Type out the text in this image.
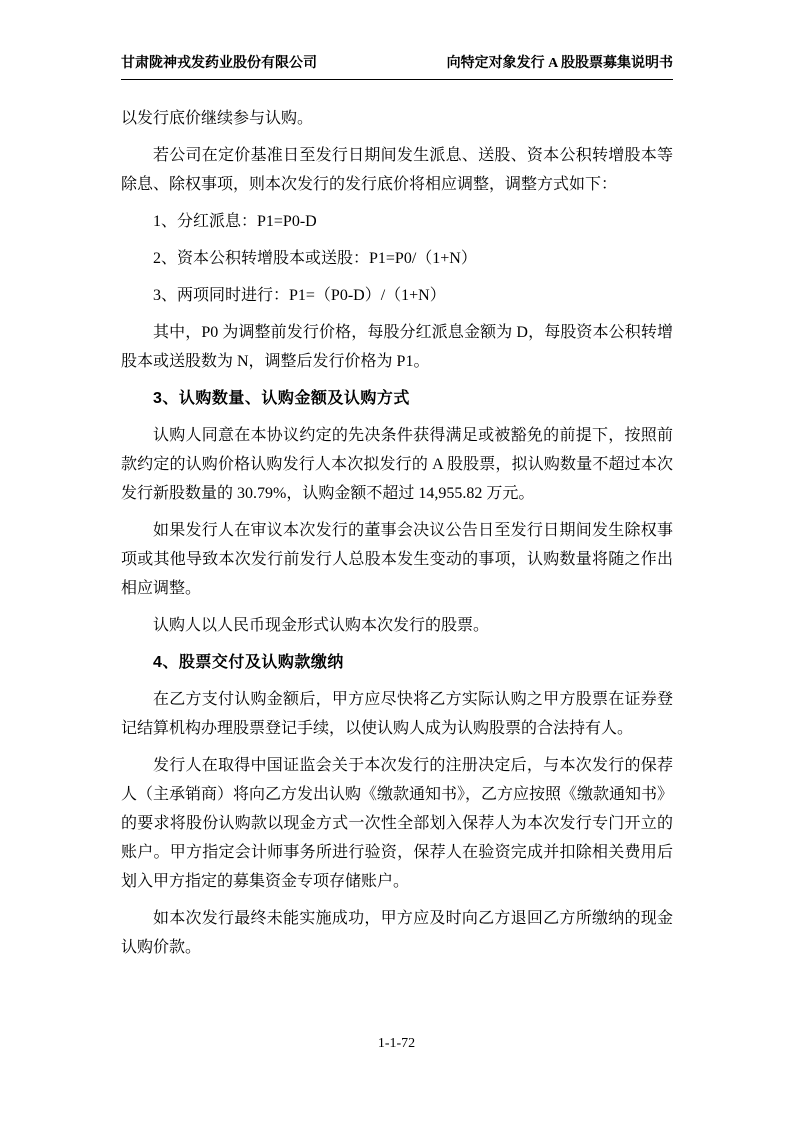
甘肃陇神戎发药业股份有限公司	向特定对象发行 A 股股票募集说明书

以发行底价继续参与认购。

若公司在定价基准日至发行日期间发生派息、送股、资本公积转增股本等除息、除权事项，则本次发行的发行底价将相应调整，调整方式如下：

1、分红派息：P1=P0-D

2、资本公积转增股本或送股：P1=P0/（1+N）

3、两项同时进行：P1=（P0-D）/（1+N）

其中，P0 为调整前发行价格，每股分红派息金额为 D，每股资本公积转增股本或送股数为 N，调整后发行价格为 P1。

3、认购数量、认购金额及认购方式

认购人同意在本协议约定的先决条件获得满足或被豁免的前提下，按照前款约定的认购价格认购发行人本次拟发行的 A 股股票，拟认购数量不超过本次发行新股数量的 30.79%，认购金额不超过 14,955.82 万元。

如果发行人在审议本次发行的董事会决议公告日至发行日期间发生除权事项或其他导致本次发行前发行人总股本发生变动的事项，认购数量将随之作出相应调整。

认购人以人民币现金形式认购本次发行的股票。

4、股票交付及认购款缴纳

在乙方支付认购金额后，甲方应尽快将乙方实际认购之甲方股票在证券登记结算机构办理股票登记手续，以使认购人成为认购股票的合法持有人。

发行人在取得中国证监会关于本次发行的注册决定后，与本次发行的保荐人（主承销商）将向乙方发出认购《缴款通知书》，乙方应按照《缴款通知书》的要求将股份认购款以现金方式一次性全部划入保荐人为本次发行专门开立的账户。甲方指定会计师事务所进行验资，保荐人在验资完成并扣除相关费用后划入甲方指定的募集资金专项存储账户。

如本次发行最终未能实施成功，甲方应及时向乙方退回乙方所缴纳的现金认购价款。

1-1-72
